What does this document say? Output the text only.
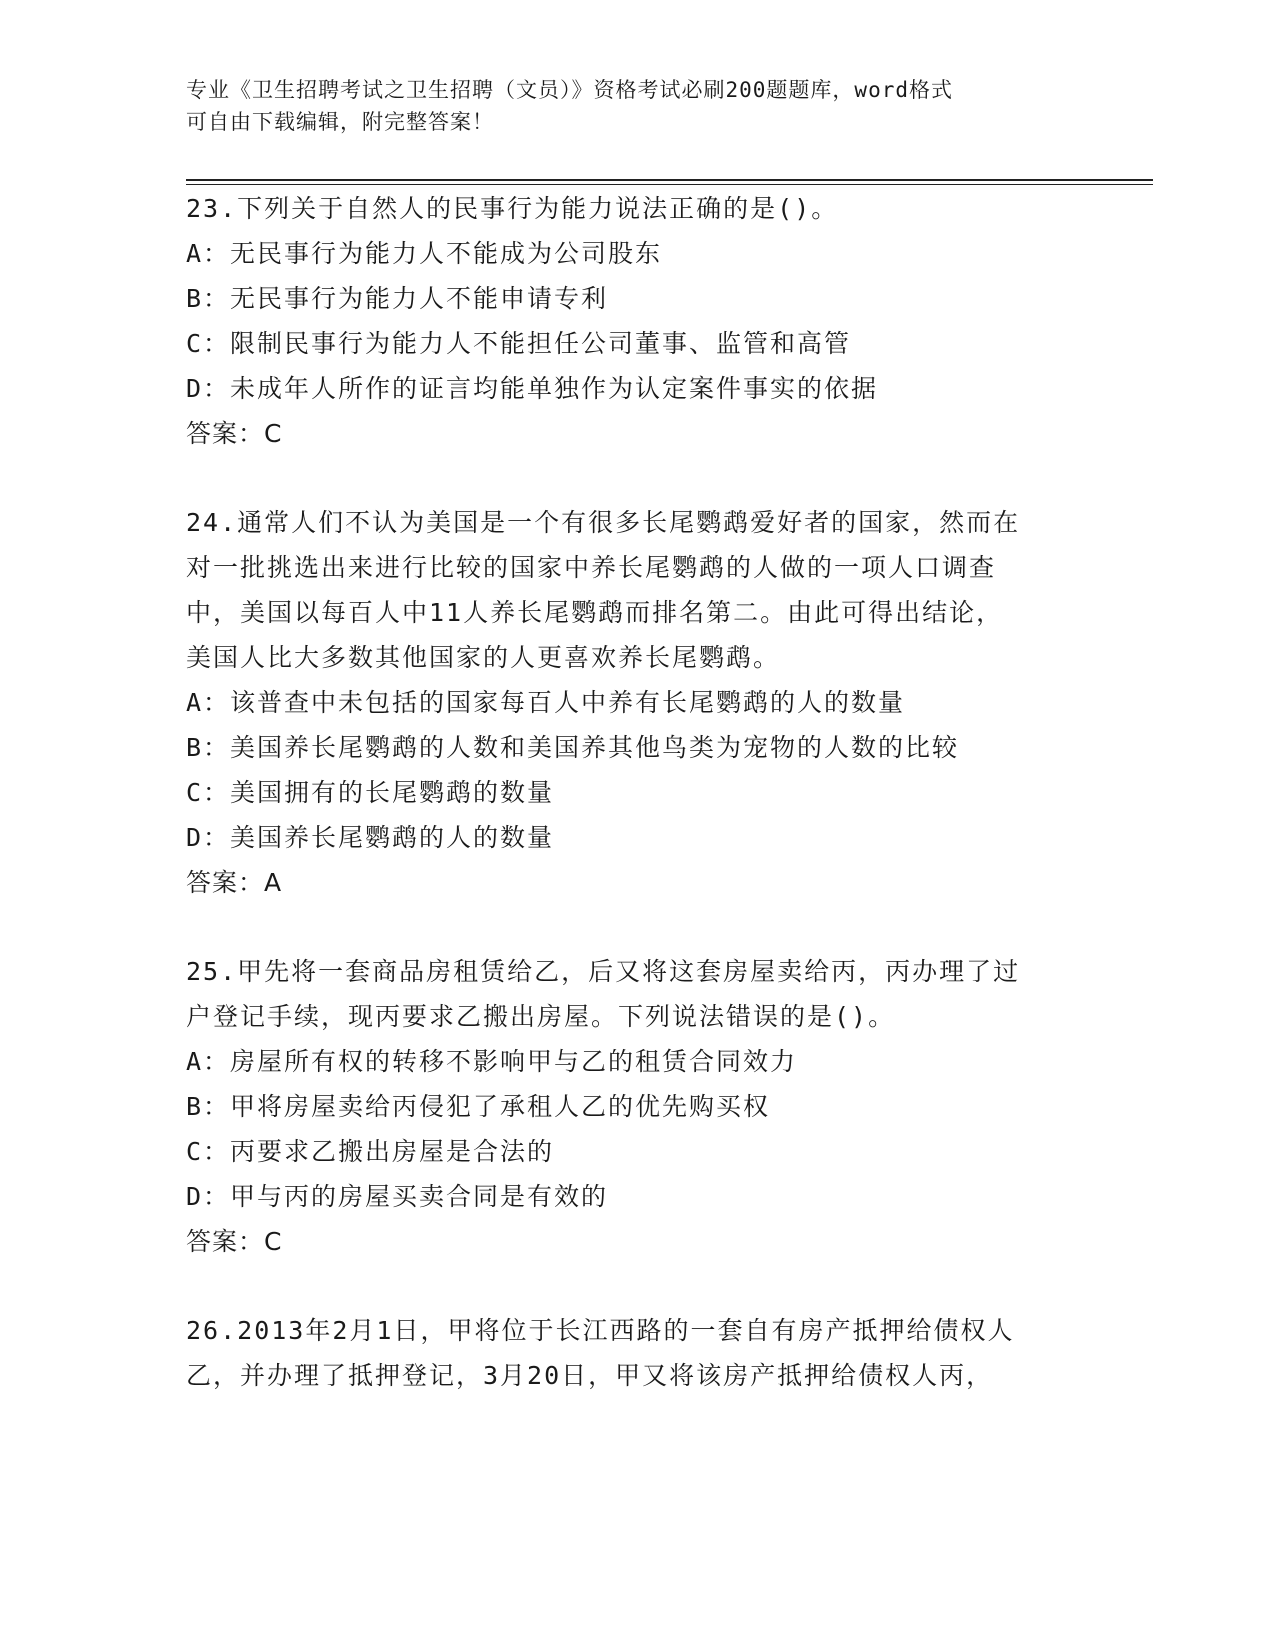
专业《卫生招聘考试之卫生招聘（文员）》资格考试必刷200题题库，word格式
可自由下载编辑，附完整答案！
23.下列关于自然人的民事行为能力说法正确的是()。
A：无民事行为能力人不能成为公司股东
B：无民事行为能力人不能申请专利
C：限制民事行为能力人不能担任公司董事、监管和高管
D：未成年人所作的证言均能单独作为认定案件事实的依据
答案：C
24.通常人们不认为美国是一个有很多长尾鹦鹉爱好者的国家，然而在
对一批挑选出来进行比较的国家中养长尾鹦鹉的人做的一项人口调查
中，美国以每百人中11人养长尾鹦鹉而排名第二。由此可得出结论，
美国人比大多数其他国家的人更喜欢养长尾鹦鹉。
A：该普查中未包括的国家每百人中养有长尾鹦鹉的人的数量
B：美国养长尾鹦鹉的人数和美国养其他鸟类为宠物的人数的比较
C：美国拥有的长尾鹦鹉的数量
D：美国养长尾鹦鹉的人的数量
答案：A
25.甲先将一套商品房租赁给乙，后又将这套房屋卖给丙，丙办理了过
户登记手续，现丙要求乙搬出房屋。下列说法错误的是()。
A：房屋所有权的转移不影响甲与乙的租赁合同效力
B：甲将房屋卖给丙侵犯了承租人乙的优先购买权
C：丙要求乙搬出房屋是合法的
D：甲与丙的房屋买卖合同是有效的
答案：C
26.2013年2月1日，甲将位于长江西路的一套自有房产抵押给债权人
乙，并办理了抵押登记，3月20日，甲又将该房产抵押给债权人丙，
